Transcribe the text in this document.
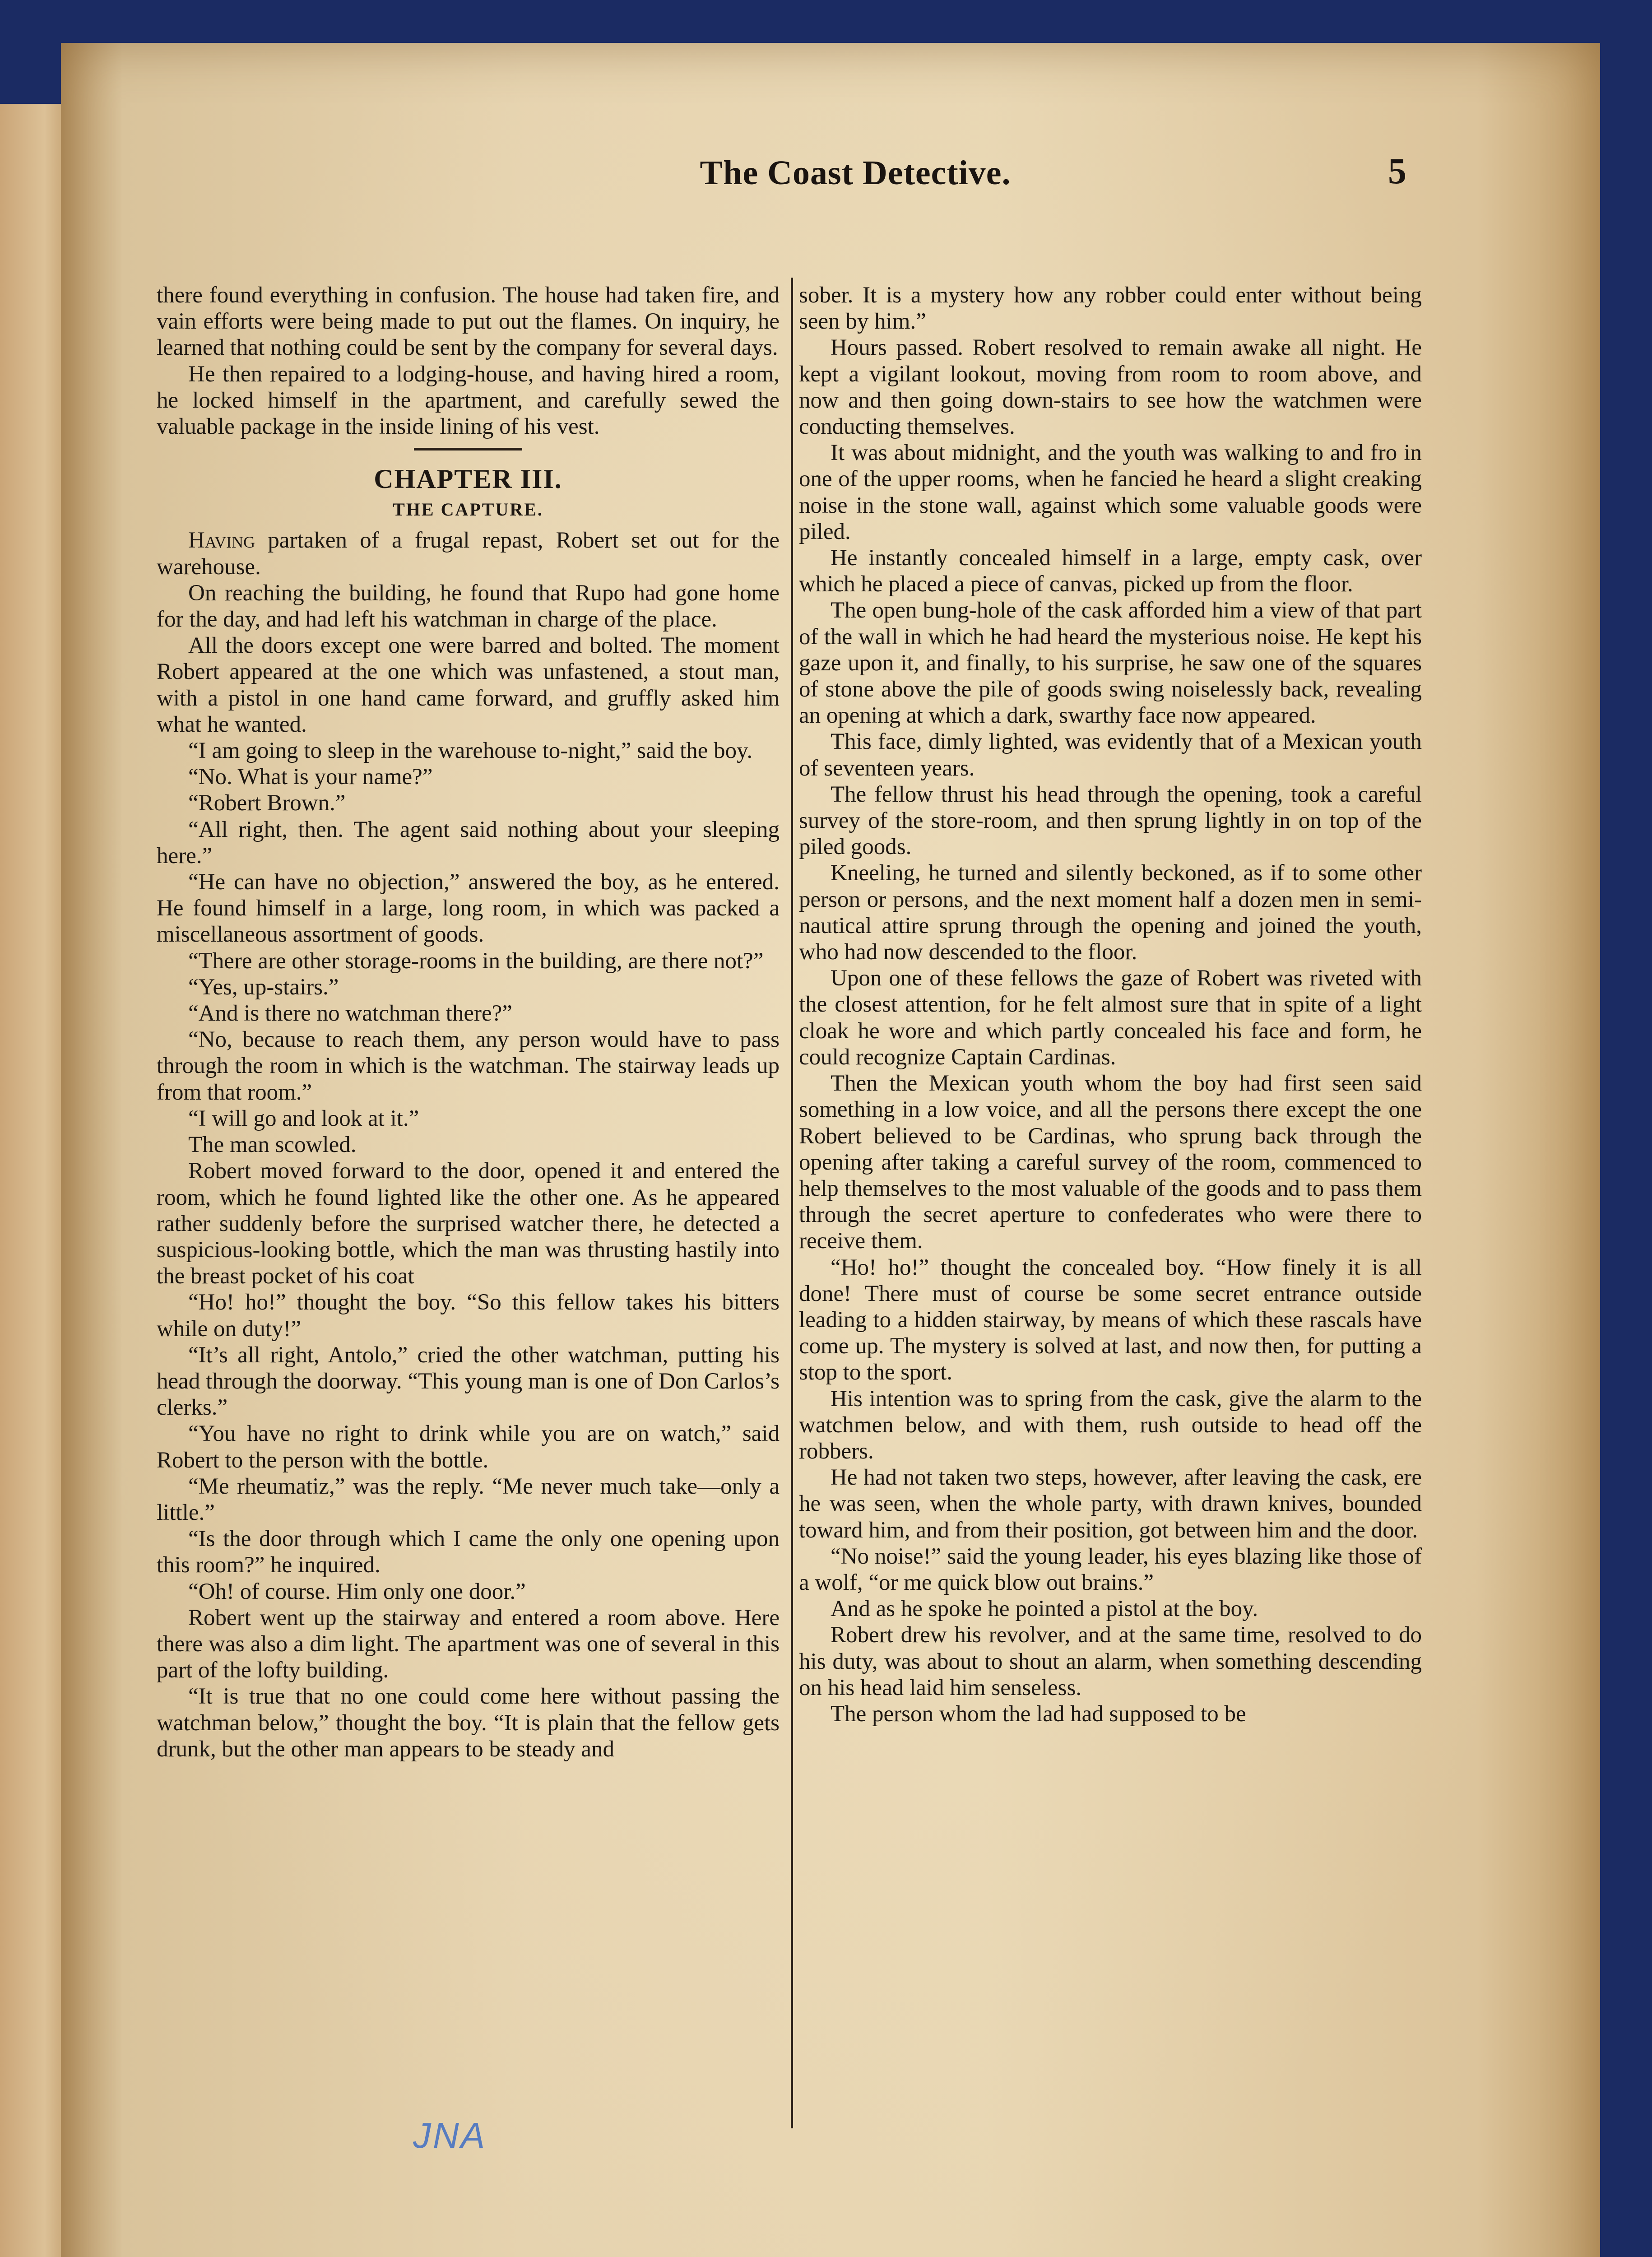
The Coast Detective.	5

there found everything in confusion. The house had taken fire, and vain efforts were being made to put out the flames. On inquiry, he learned that nothing could be sent by the company for several days.

He then repaired to a lodging-house, and having hired a room, he locked himself in the apartment, and carefully sewed the valuable package in the inside lining of his vest.

CHAPTER III.
THE CAPTURE.

Having partaken of a frugal repast, Robert set out for the warehouse.

On reaching the building, he found that Rupo had gone home for the day, and had left his watchman in charge of the place.

All the doors except one were barred and bolted. The moment Robert appeared at the one which was unfastened, a stout man, with a pistol in one hand came forward, and gruffly asked him what he wanted.

“I am going to sleep in the warehouse to-night,” said the boy.

“No. What is your name?”

“Robert Brown.”

“All right, then. The agent said nothing about your sleeping here.”

“He can have no objection,” answered the boy, as he entered. He found himself in a large, long room, in which was packed a miscellaneous assortment of goods.

“There are other storage-rooms in the building, are there not?”

“Yes, up-stairs.”

“And is there no watchman there?”

“No, because to reach them, any person would have to pass through the room in which is the watchman. The stairway leads up from that room.”

“I will go and look at it.”

The man scowled.

Robert moved forward to the door, opened it and entered the room, which he found lighted like the other one. As he appeared rather suddenly before the surprised watcher there, he detected a suspicious-looking bottle, which the man was thrusting hastily into the breast pocket of his coat

“Ho! ho!” thought the boy. “So this fellow takes his bitters while on duty!”

“It’s all right, Antolo,” cried the other watchman, putting his head through the doorway. “This young man is one of Don Carlos’s clerks.”

“You have no right to drink while you are on watch,” said Robert to the person with the bottle.

“Me rheumatiz,” was the reply. “Me never much take—only a little.”

“Is the door through which I came the only one opening upon this room?” he inquired.

“Oh! of course. Him only one door.”

Robert went up the stairway and entered a room above. Here there was also a dim light. The apartment was one of several in this part of the lofty building.

“It is true that no one could come here without passing the watchman below,” thought the boy. “It is plain that the fellow gets drunk, but the other man appears to be steady and

sober. It is a mystery how any robber could enter without being seen by him.”

Hours passed. Robert resolved to remain awake all night. He kept a vigilant lookout, moving from room to room above, and now and then going down-stairs to see how the watchmen were conducting themselves.

It was about midnight, and the youth was walking to and fro in one of the upper rooms, when he fancied he heard a slight creaking noise in the stone wall, against which some valuable goods were piled.

He instantly concealed himself in a large, empty cask, over which he placed a piece of canvas, picked up from the floor.

The open bung-hole of the cask afforded him a view of that part of the wall in which he had heard the mysterious noise. He kept his gaze upon it, and finally, to his surprise, he saw one of the squares of stone above the pile of goods swing noiselessly back, revealing an opening at which a dark, swarthy face now appeared.

This face, dimly lighted, was evidently that of a Mexican youth of seventeen years.

The fellow thrust his head through the opening, took a careful survey of the store-room, and then sprung lightly in on top of the piled goods.

Kneeling, he turned and silently beckoned, as if to some other person or persons, and the next moment half a dozen men in semi-nautical attire sprung through the opening and joined the youth, who had now descended to the floor.

Upon one of these fellows the gaze of Robert was riveted with the closest attention, for he felt almost sure that in spite of a light cloak he wore and which partly concealed his face and form, he could recognize Captain Cardinas.

Then the Mexican youth whom the boy had first seen said something in a low voice, and all the persons there except the one Robert believed to be Cardinas, who sprung back through the opening after taking a careful survey of the room, commenced to help themselves to the most valuable of the goods and to pass them through the secret aperture to confederates who were there to receive them.

“Ho! ho!” thought the concealed boy. “How finely it is all done! There must of course be some secret entrance outside leading to a hidden stairway, by means of which these rascals have come up. The mystery is solved at last, and now then, for putting a stop to the sport.

His intention was to spring from the cask, give the alarm to the watchmen below, and with them, rush outside to head off the robbers.

He had not taken two steps, however, after leaving the cask, ere he was seen, when the whole party, with drawn knives, bounded toward him, and from their position, got between him and the door.

“No noise!” said the young leader, his eyes blazing like those of a wolf, “or me quick blow out brains.”

And as he spoke he pointed a pistol at the boy.

Robert drew his revolver, and at the same time, resolved to do his duty, was about to shout an alarm, when something descending on his head laid him senseless.

The person whom the lad had supposed to be

JNA
